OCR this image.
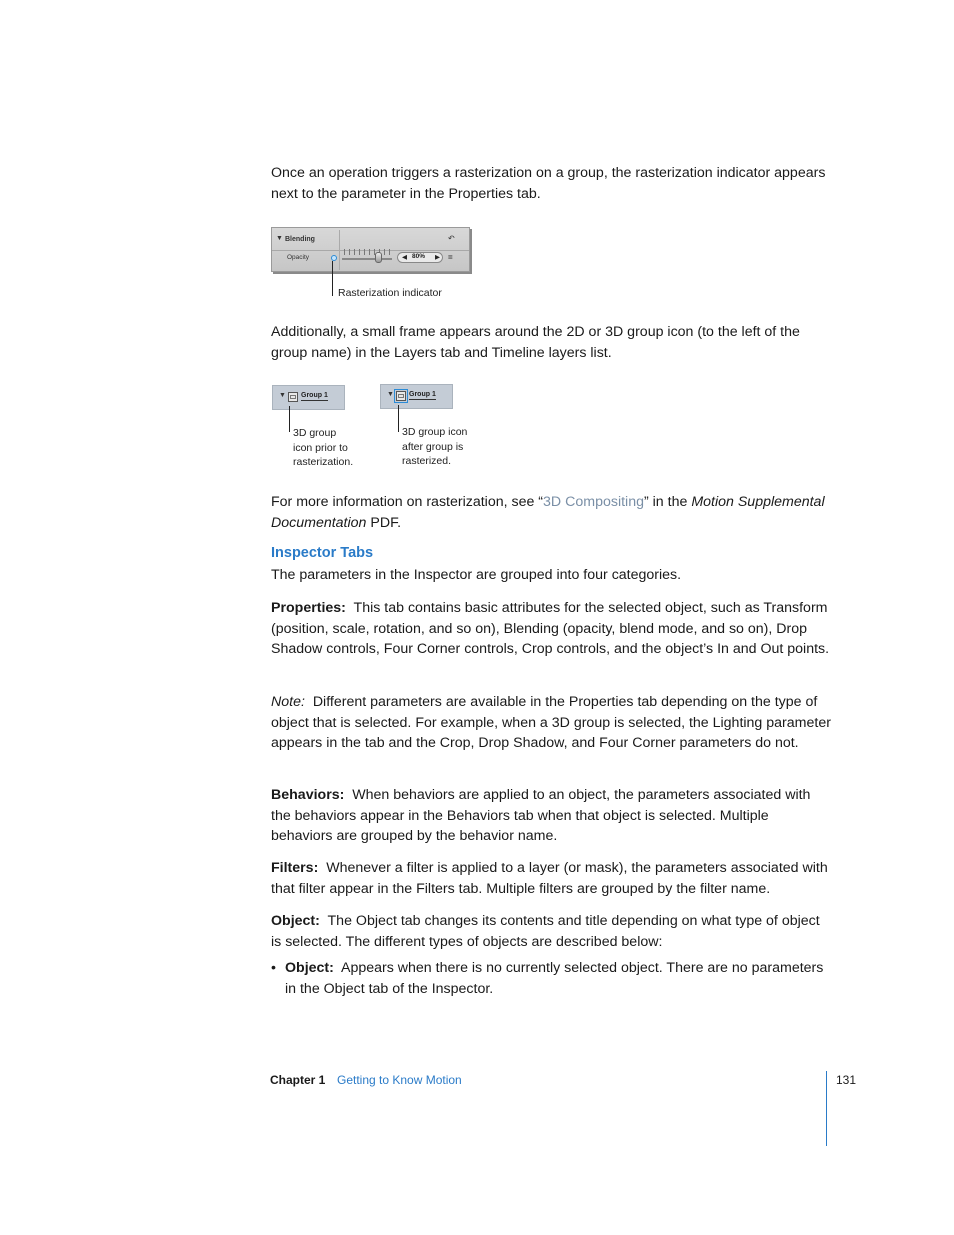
Once an operation triggers a rasterization on a group, the rasterization indicator appears next to the parameter in the Properties tab.

▼ Blending	↶
Opacity	◀ 80% ▶ =
Rasterization indicator

Additionally, a small frame appears around the 2D or 3D group icon (to the left of the group name) in the Layers tab and Timeline layers list.

▼ Group 1
3D group
icon prior to
rasterization.
▼ Group 1
3D group icon
after group is
rasterized.

For more information on rasterization, see “3D Compositing” in the Motion Supplemental Documentation PDF.

Inspector Tabs

The parameters in the Inspector are grouped into four categories.

Properties: This tab contains basic attributes for the selected object, such as Transform (position, scale, rotation, and so on), Blending (opacity, blend mode, and so on), Drop Shadow controls, Four Corner controls, Crop controls, and the object’s In and Out points.

Note: Different parameters are available in the Properties tab depending on the type of object that is selected. For example, when a 3D group is selected, the Lighting parameter appears in the tab and the Crop, Drop Shadow, and Four Corner parameters do not.

Behaviors: When behaviors are applied to an object, the parameters associated with the behaviors appear in the Behaviors tab when that object is selected. Multiple behaviors are grouped by the behavior name.

Filters: Whenever a filter is applied to a layer (or mask), the parameters associated with that filter appear in the Filters tab. Multiple filters are grouped by the filter name.

Object: The Object tab changes its contents and title depending on what type of object is selected. The different types of objects are described below:

• Object: Appears when there is no currently selected object. There are no parameters in the Object tab of the Inspector.
Chapter 1 Getting to Know Motion	131
